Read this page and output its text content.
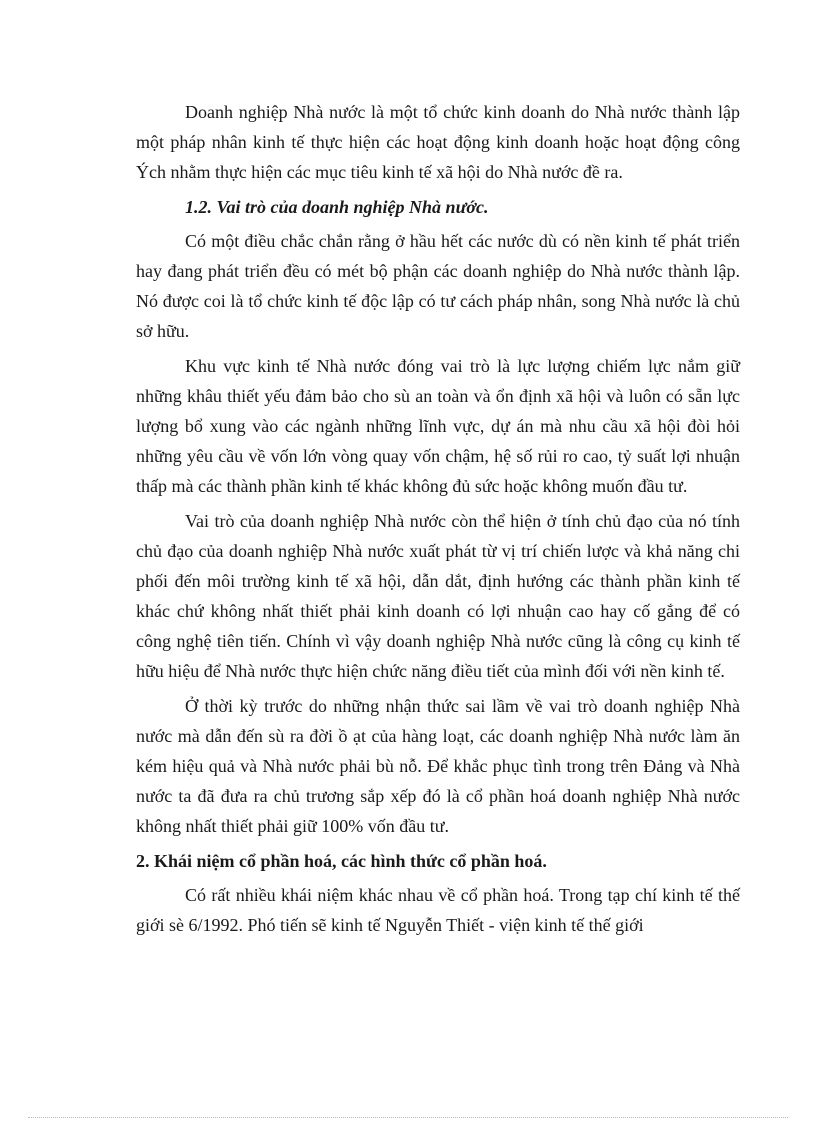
Doanh nghiệp Nhà nước là một tổ chức kinh doanh do Nhà nước thành lập một pháp nhân kinh tế thực hiện các hoạt động kinh doanh hoặc hoạt động công Ých nhằm thực hiện các mục tiêu kinh tế xã hội do Nhà nước đề ra.

1.2. Vai trò của doanh nghiệp Nhà nước.

Có một điều chắc chắn rằng ở hầu hết các nước dù có nền kinh tế phát triển hay đang phát triển đều có mét bộ phận các doanh nghiệp do Nhà nước thành lập. Nó được coi là tổ chức kinh tế độc lập có tư cách pháp nhân, song Nhà nước là chủ sở hữu.

Khu vực kinh tế Nhà nước đóng vai trò là lực lượng chiếm lực nắm giữ những khâu thiết yếu đảm bảo cho sù an toàn và ổn định xã hội và luôn có sẵn lực lượng bổ xung vào các ngành những lĩnh vực, dự án mà nhu cầu xã hội đòi hỏi những yêu cầu về vốn lớn vòng quay vốn chậm, hệ số rủi ro cao, tỷ suất lợi nhuận thấp mà các thành phần kinh tế khác không đủ sức hoặc không muốn đầu tư.

Vai trò của doanh nghiệp Nhà nước còn thể hiện ở tính chủ đạo của nó tính chủ đạo của doanh nghiệp Nhà nước xuất phát từ vị trí chiến lược và khả năng chi phối đến môi trường kinh tế xã hội, dẫn dắt, định hướng các thành phần kinh tế khác chứ không nhất thiết phải kinh doanh có lợi nhuận cao hay cố gắng để có công nghệ tiên tiến. Chính vì vậy doanh nghiệp Nhà nước cũng là công cụ kinh tế hữu hiệu để Nhà nước thực hiện chức năng điều tiết của mình đối với nền kinh tế.

Ở thời kỳ trước do những nhận thức sai lầm về vai trò doanh nghiệp Nhà nước mà dẫn đến sù ra đời ồ ạt của hàng loạt, các doanh nghiệp Nhà nước làm ăn kém hiệu quả và Nhà nước phải bù nỗ. Để khắc phục tình trong trên Đảng và Nhà nước ta đã đưa ra chủ trương sắp xếp đó là cổ phần hoá doanh nghiệp Nhà nước không nhất thiết phải giữ 100% vốn đầu tư.

2. Khái niệm cổ phần hoá, các hình thức cổ phần hoá.

Có rất nhiều khái niệm khác nhau về cổ phần hoá. Trong tạp chí kinh tế thế giới sè 6/1992. Phó tiến sẽ kinh tế Nguyễn Thiết - viện kinh tế thế giới
